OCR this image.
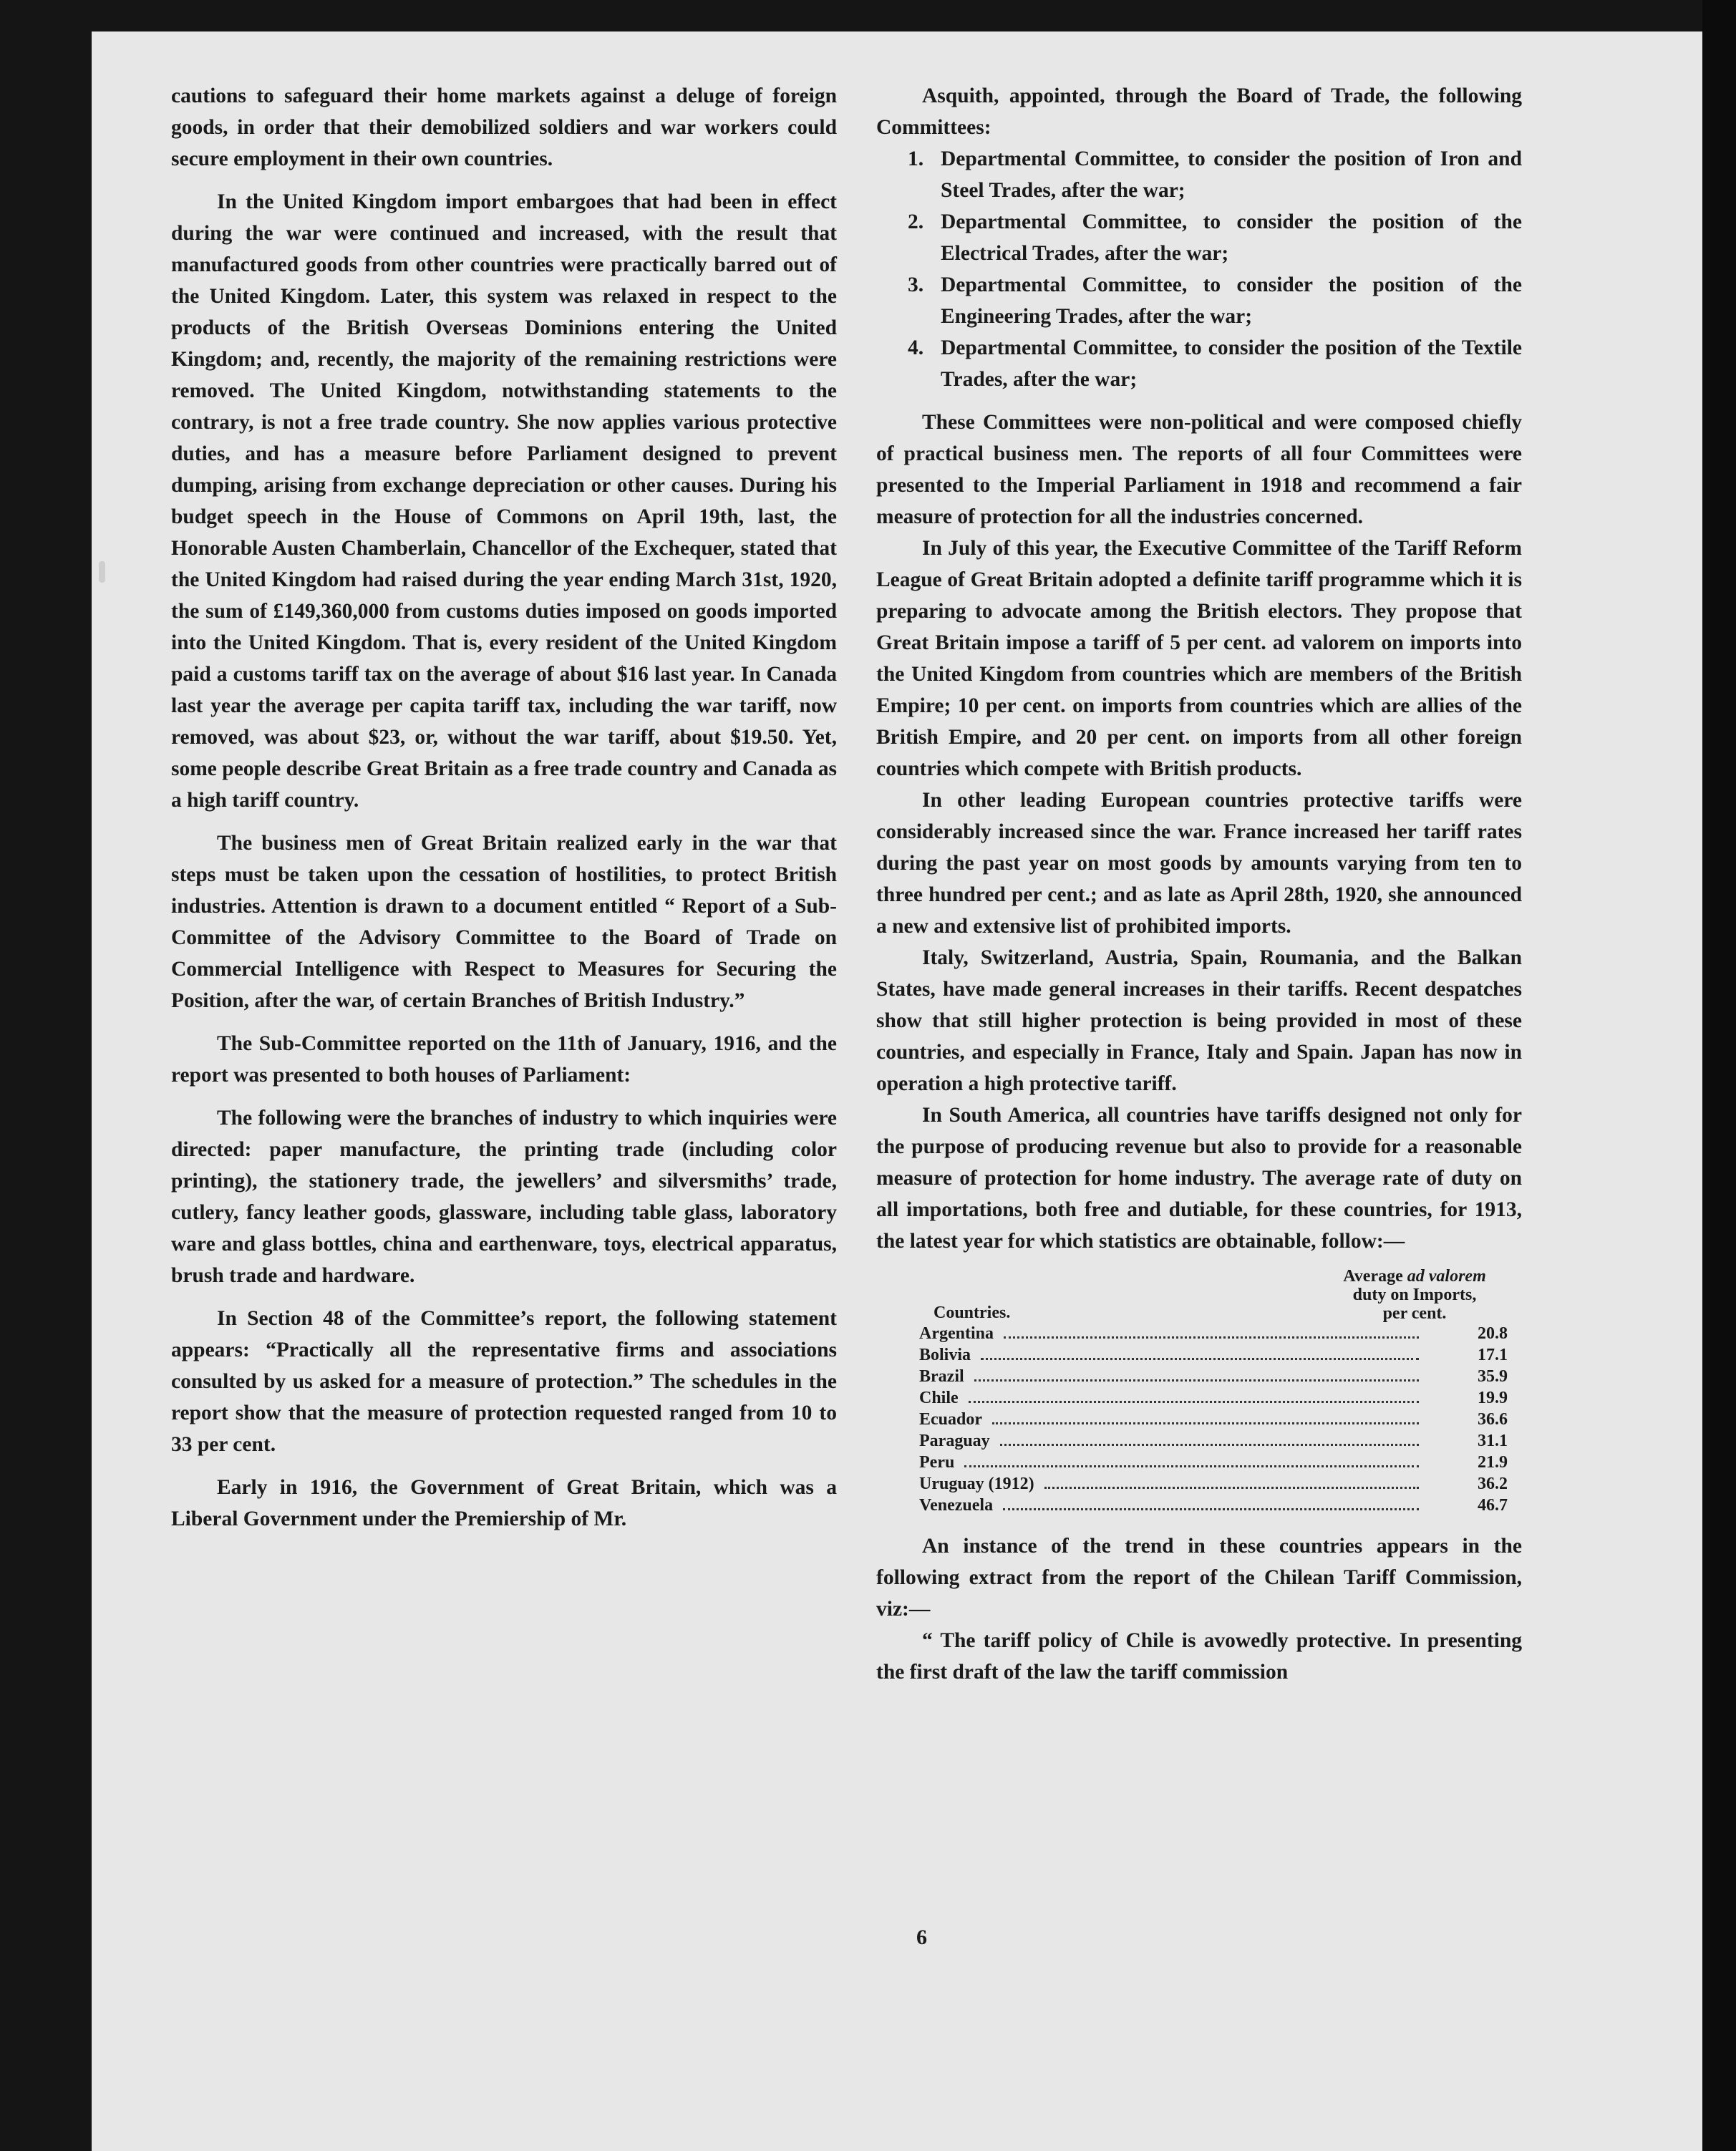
cautions to safeguard their home markets against a deluge of foreign goods, in order that their demobilized soldiers and war workers could secure employment in their own countries.

In the United Kingdom import embargoes that had been in effect during the war were continued and increased, with the result that manufactured goods from other countries were practically barred out of the United Kingdom. Later, this system was relaxed in respect to the products of the British Overseas Dominions entering the United Kingdom; and, recently, the majority of the remaining restrictions were removed. The United Kingdom, notwithstanding statements to the contrary, is not a free trade country. She now applies various protective duties, and has a measure before Parliament designed to prevent dumping, arising from exchange depreciation or other causes. During his budget speech in the House of Commons on April 19th, last, the Honorable Austen Chamberlain, Chancellor of the Exchequer, stated that the United Kingdom had raised during the year ending March 31st, 1920, the sum of £149,360,000 from customs duties imposed on goods imported into the United Kingdom. That is, every resident of the United Kingdom paid a customs tariff tax on the average of about $16 last year. In Canada last year the average per capita tariff tax, including the war tariff, now removed, was about $23, or, without the war tariff, about $19.50. Yet, some people describe Great Britain as a free trade country and Canada as a high tariff country.

The business men of Great Britain realized early in the war that steps must be taken upon the cessation of hostilities, to protect British industries. Attention is drawn to a document entitled “ Report of a Sub-Committee of the Advisory Committee to the Board of Trade on Commercial Intelligence with Respect to Measures for Securing the Position, after the war, of certain Branches of British Industry.”

The Sub-Committee reported on the 11th of January, 1916, and the report was presented to both houses of Parliament:

The following were the branches of industry to which inquiries were directed: paper manufacture, the printing trade (including color printing), the stationery trade, the jewellers’ and silversmiths’ trade, cutlery, fancy leather goods, glassware, including table glass, laboratory ware and glass bottles, china and earthenware, toys, electrical apparatus, brush trade and hardware.

In Section 48 of the Committee’s report, the following statement appears: “Practically all the representative firms and associations consulted by us asked for a measure of protection.” The schedules in the report show that the measure of protection requested ranged from 10 to 33 per cent.

Early in 1916, the Government of Great Britain, which was a Liberal Government under the Premiership of Mr.

Asquith, appointed, through the Board of Trade, the following Committees:

1. Departmental Committee, to consider the position of Iron and Steel Trades, after the war;
2. Departmental Committee, to consider the position of the Electrical Trades, after the war;
3. Departmental Committee, to consider the position of the Engineering Trades, after the war;
4. Departmental Committee, to consider the position of the Textile Trades, after the war;

These Committees were non-political and were composed chiefly of practical business men. The reports of all four Committees were presented to the Imperial Parliament in 1918 and recommend a fair measure of protection for all the industries concerned.

In July of this year, the Executive Committee of the Tariff Reform League of Great Britain adopted a definite tariff programme which it is preparing to advocate among the British electors. They propose that Great Britain impose a tariff of 5 per cent. ad valorem on imports into the United Kingdom from countries which are members of the British Empire; 10 per cent. on imports from countries which are allies of the British Empire, and 20 per cent. on imports from all other foreign countries which compete with British products.

In other leading European countries protective tariffs were considerably increased since the war. France increased her tariff rates during the past year on most goods by amounts varying from ten to three hundred per cent.; and as late as April 28th, 1920, she announced a new and extensive list of prohibited imports.

Italy, Switzerland, Austria, Spain, Roumania, and the Balkan States, have made general increases in their tariffs. Recent despatches show that still higher protection is being provided in most of these countries, and especially in France, Italy and Spain. Japan has now in operation a high protective tariff.

In South America, all countries have tariffs designed not only for the purpose of producing revenue but also to provide for a reasonable measure of protection for home industry. The average rate of duty on all importations, both free and dutiable, for these countries, for 1913, the latest year for which statistics are obtainable, follow:—

Countries.
Average ad valorem
duty on Imports,
per cent.
Argentina	20.8
Bolivia	17.1
Brazil	35.9
Chile	19.9
Ecuador	36.6
Paraguay	31.1
Peru	21.9
Uruguay (1912)	36.2
Venezuela	46.7

An instance of the trend in these countries appears in the following extract from the report of the Chilean Tariff Commission, viz:—

“ The tariff policy of Chile is avowedly protective. In presenting the first draft of the law the tariff commission

6
